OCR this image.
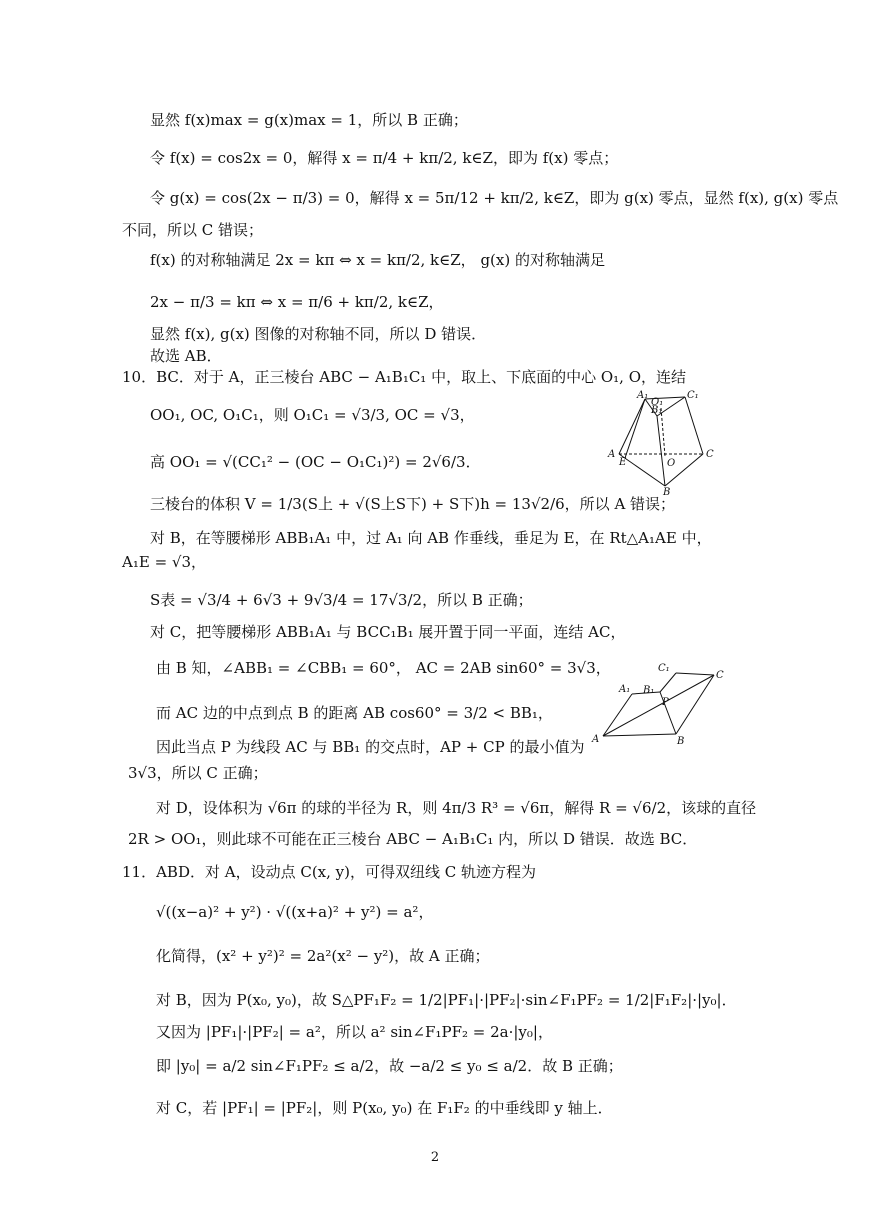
显然 f(x)max = g(x)max = 1，所以 B 正确；
令 f(x) = cos2x = 0，解得 x = π/4 + kπ/2, k∈Z，即为 f(x) 零点；
令 g(x) = cos(2x − π/3) = 0，解得 x = 5π/12 + kπ/2, k∈Z，即为 g(x) 零点，显然 f(x), g(x) 零点
不同，所以 C 错误；
f(x) 的对称轴满足 2x = kπ ⇔ x = kπ/2, k∈Z， g(x) 的对称轴满足
2x − π/3 = kπ ⇔ x = π/6 + kπ/2, k∈Z，
显然 f(x), g(x) 图像的对称轴不同，所以 D 错误．
故选 AB．
10．BC．对于 A，正三棱台 ABC − A₁B₁C₁ 中，取上、下底面的中心 O₁, O，连结
OO₁, OC, O₁C₁，则 O₁C₁ = √3/3, OC = √3，
高 OO₁ = √(CC₁² − (OC − O₁C₁)²) = 2√6/3．
三棱台的体积 V = 1/3(S上 + √(S上S下) + S下)h = 13√2/6，所以 A 错误；
对 B，在等腰梯形 ABB₁A₁ 中，过 A₁ 向 AB 作垂线，垂足为 E，在 Rt△A₁AE 中，
A₁E = √3，
S表 = √3/4 + 6√3 + 9√3/4 = 17√3/2，所以 B 正确；
对 C，把等腰梯形 ABB₁A₁ 与 BCC₁B₁ 展开置于同一平面，连结 AC，
由 B 知，∠ABB₁ = ∠CBB₁ = 60°， AC = 2AB sin60° = 3√3，
而 AC 边的中点到点 B 的距离 AB cos60° = 3/2 < BB₁，
因此当点 P 为线段 AC 与 BB₁ 的交点时，AP + CP 的最小值为
3√3，所以 C 正确；
对 D，设体积为 √6π 的球的半径为 R，则 4π/3 R³ = √6π，解得 R = √6/2，该球的直径
2R > OO₁，则此球不可能在正三棱台 ABC − A₁B₁C₁ 内，所以 D 错误．故选 BC．
11．ABD．对 A，设动点 C(x, y)，可得双纽线 C 轨迹方程为
√((x−a)² + y²) · √((x+a)² + y²) = a²，
化简得，(x² + y²)² = 2a²(x² − y²)，故 A 正确；
对 B，因为 P(x₀, y₀)，故 S△PF₁F₂ = 1/2|PF₁|·|PF₂|·sin∠F₁PF₂ = 1/2|F₁F₂|·|y₀|．
又因为 |PF₁|·|PF₂| = a²，所以 a² sin∠F₁PF₂ = 2a·|y₀|，
即 |y₀| = a/2 sin∠F₁PF₂ ≤ a/2，故 −a/2 ≤ y₀ ≤ a/2．故 B 正确；
对 C，若 |PF₁| = |PF₂|，则 P(x₀, y₀) 在 F₁F₂ 的中垂线即 y 轴上．
A₁
B₁
C₁
O₁
A
E	O
C
B
C₁
A₁ B₁
P
C
A	B
2
